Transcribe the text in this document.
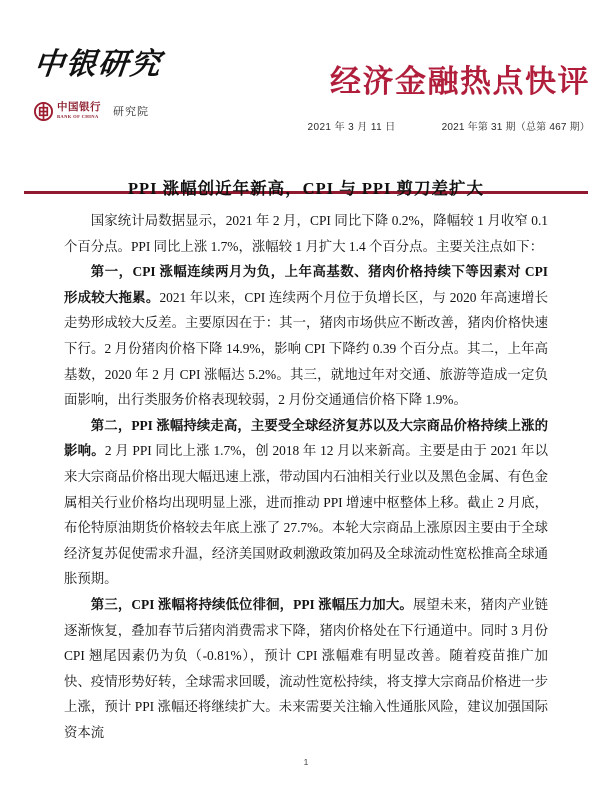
中银研究
中国银行
BANK OF CHINA 研究院
经济金融热点快评
2021 年 3 月 11 日	2021 年第 31 期（总第 467 期）
PPI 涨幅创近年新高，CPI 与 PPI 剪刀差扩大

国家统计局数据显示，2021 年 2 月，CPI 同比下降 0.2%，降幅较 1 月收窄 0.1 个百分点。PPI 同比上涨 1.7%，涨幅较 1 月扩大 1.4 个百分点。主要关注点如下：

第一，CPI 涨幅连续两月为负，上年高基数、猪肉价格持续下等因素对 CPI 形成较大拖累。2021 年以来，CPI 连续两个月位于负增长区，与 2020 年高速增长走势形成较大反差。主要原因在于：其一，猪肉市场供应不断改善，猪肉价格快速下行。2 月份猪肉价格下降 14.9%，影响 CPI 下降约 0.39 个百分点。其二，上年高基数，2020 年 2 月 CPI 涨幅达 5.2%。其三，就地过年对交通、旅游等造成一定负面影响，出行类服务价格表现较弱，2 月份交通通信价格下降 1.9%。

第二，PPI 涨幅持续走高，主要受全球经济复苏以及大宗商品价格持续上涨的影响。2 月 PPI 同比上涨 1.7%，创 2018 年 12 月以来新高。主要是由于 2021 年以来大宗商品价格出现大幅迅速上涨，带动国内石油相关行业以及黑色金属、有色金属相关行业价格均出现明显上涨，进而推动 PPI 增速中枢整体上移。截止 2 月底，布伦特原油期货价格较去年底上涨了 27.7%。本轮大宗商品上涨原因主要由于全球经济复苏促使需求升温，经济美国财政刺激政策加码及全球流动性宽松推高全球通胀预期。

第三，CPI 涨幅将持续低位徘徊，PPI 涨幅压力加大。展望未来，猪肉产业链逐渐恢复，叠加春节后猪肉消费需求下降，猪肉价格处在下行通道中。同时 3 月份 CPI 翘尾因素仍为负（-0.81%），预计 CPI 涨幅难有明显改善。随着疫苗推广加快、疫情形势好转，全球需求回暖，流动性宽松持续，将支撑大宗商品价格进一步上涨，预计 PPI 涨幅还将继续扩大。未来需要关注输入性通胀风险，建议加强国际资本流

1
